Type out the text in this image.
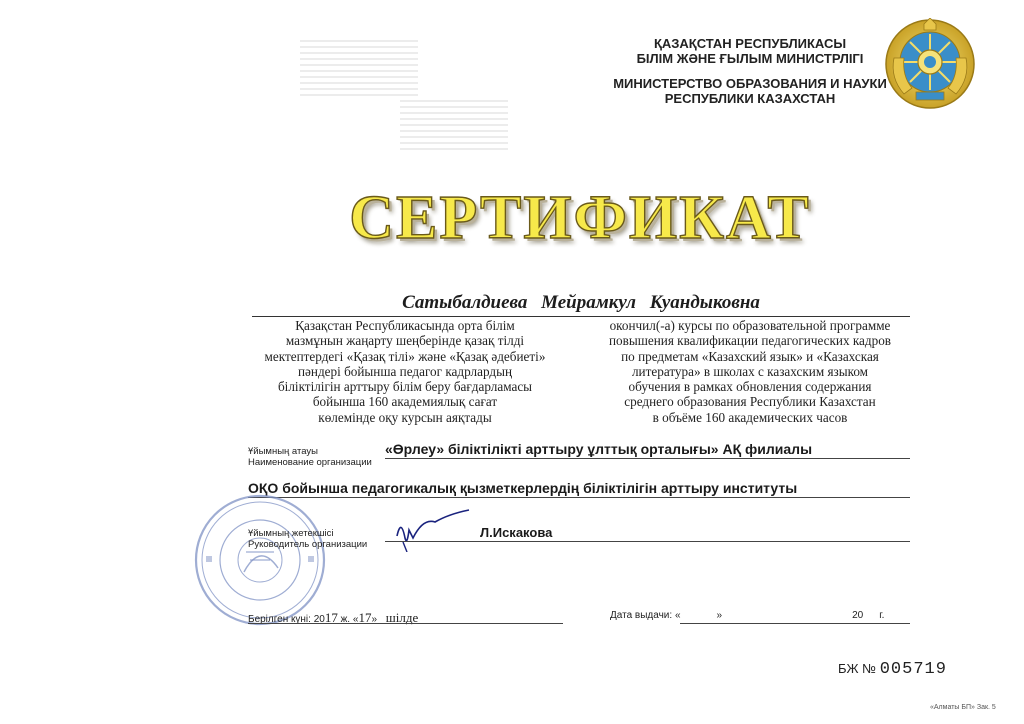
ҚАЗАҚСТАН РЕСПУБЛИКАСЫ
БІЛІМ ЖӘНЕ ҒЫЛЫМ МИНИСТРЛІГІ
МИНИСТЕРСТВО ОБРАЗОВАНИЯ И НАУКИ
РЕСПУБЛИКИ КАЗАХСТАН
СЕРТИФИКАТ
Сатыбалдиева Мейрамкул Куандыковна
Қазақстан Республикасында орта білім
мазмұнын жаңарту шеңберінде қазақ тілді
мектептердегі «Қазақ тілі» және «Қазақ әдебиеті»
пәндері бойынша педагог кадрлардың
біліктілігін арттыру білім беру бағдарламасы
бойынша 160 академиялық сағат
көлемінде оқу курсын аяқтады
окончил(-а) курсы по образовательной программе
повышения квалификации педагогических кадров
по предметам «Казахский язык» и «Казахская
литература» в школах с казахским языком
обучения в рамках обновления содержания
среднего образования Республики Казахстан
в объёме 160 академических часов
Ұйымның атауы
Наименование организации
«Өрлеу» біліктілікті арттыру ұлттық орталығы» АҚ филиалы
ОҚО бойынша педагогикалық қызметкерлердің біліктілігін арттыру институты
Ұйымның жетекшісі
Руководитель организации
Л.Искакова
Берілген күні: 2017 ж. «17» шілде	Дата выдачи: «	»	20 г.
БЖ № 005719
«Алматы БП» Зак. 5
